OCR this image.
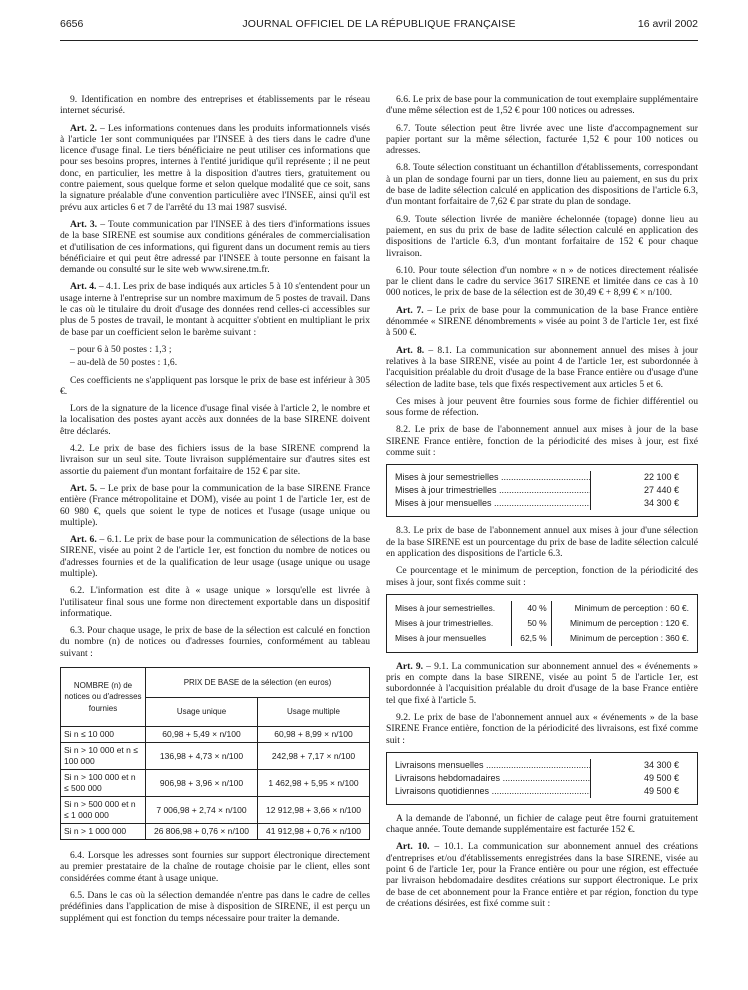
6656	JOURNAL OFFICIEL DE LA RÉPUBLIQUE FRANÇAISE	16 avril 2002

9. Identification en nombre des entreprises et établissements par le réseau internet sécurisé.

Art. 2. – Les informations contenues dans les produits informationnels visés à l'article 1er sont communiquées par l'INSEE à des tiers dans le cadre d'une licence d'usage final. Le tiers bénéficiaire ne peut utiliser ces informations que pour ses besoins propres, internes à l'entité juridique qu'il représente ; il ne peut donc, en particulier, les mettre à la disposition d'autres tiers, gratuitement ou contre paiement, sous quelque forme et selon quelque modalité que ce soit, sans la signature préalable d'une convention particulière avec l'INSEE, ainsi qu'il est prévu aux articles 6 et 7 de l'arrêté du 13 mai 1987 susvisé.

Art. 3. – Toute communication par l'INSEE à des tiers d'informations issues de la base SIRENE est soumise aux conditions générales de commercialisation et d'utilisation de ces informations, qui figurent dans un document remis au tiers bénéficiaire et qui peut être adressé par l'INSEE à toute personne en faisant la demande ou consulté sur le site web www.sirene.tm.fr.

Art. 4. – 4.1. Les prix de base indiqués aux articles 5 à 10 s'entendent pour un usage interne à l'entreprise sur un nombre maximum de 5 postes de travail. Dans le cas où le titulaire du droit d'usage des données rend celles-ci accessibles sur plus de 5 postes de travail, le montant à acquitter s'obtient en multipliant le prix de base par un coefficient selon le barème suivant :

– pour 6 à 50 postes : 1,3 ;

– au-delà de 50 postes : 1,6.

Ces coefficients ne s'appliquent pas lorsque le prix de base est inférieur à 305 €.

Lors de la signature de la licence d'usage final visée à l'article 2, le nombre et la localisation des postes ayant accès aux données de la base SIRENE doivent être déclarés.

4.2. Le prix de base des fichiers issus de la base SIRENE comprend la livraison sur un seul site. Toute livraison supplémentaire sur d'autres sites est assortie du paiement d'un montant forfaitaire de 152 € par site.

Art. 5. – Le prix de base pour la communication de la base SIRENE France entière (France métropolitaine et DOM), visée au point 1 de l'article 1er, est de 60 980 €, quels que soient le type de notices et l'usage (usage unique ou multiple).

Art. 6. – 6.1. Le prix de base pour la communication de sélections de la base SIRENE, visée au point 2 de l'article 1er, est fonction du nombre de notices ou d'adresses fournies et de la qualification de leur usage (usage unique ou usage multiple).

6.2. L'information est dite à « usage unique » lorsqu'elle est livrée à l'utilisateur final sous une forme non directement exportable dans un dispositif informatique.

6.3. Pour chaque usage, le prix de base de la sélection est calculé en fonction du nombre (n) de notices ou d'adresses fournies, conformément au tableau suivant :

NOMBRE (n) de notices ou d'adresses fournies	PRIX DE BASE de la sélection (en euros)	
	Usage unique	Usage multiple
Si n ≤ 10 000	60,98 + 5,49 × n/100	60,98 + 8,99 × n/100
Si n > 10 000 et n ≤ 100 000	136,98 + 4,73 × n/100	242,98 + 7,17 × n/100
Si n > 100 000 et n ≤ 500 000	906,98 + 3,96 × n/100	1 462,98 + 5,95 × n/100
Si n > 500 000 et n ≤ 1 000 000	7 006,98 + 2,74 × n/100	12 912,98 + 3,66 × n/100
Si n > 1 000 000	26 806,98 + 0,76 × n/100	41 912,98 + 0,76 × n/100

6.4. Lorsque les adresses sont fournies sur support électronique directement au premier prestataire de la chaîne de routage choisie par le client, elles sont considérées comme étant à usage unique.

6.5. Dans le cas où la sélection demandée n'entre pas dans le cadre de celles prédéfinies dans l'application de mise à disposition de SIRENE, il est perçu un supplément qui est fonction du temps nécessaire pour traiter la demande.

6.6. Le prix de base pour la communication de tout exemplaire supplémentaire d'une même sélection est de 1,52 € pour 100 notices ou adresses.

6.7. Toute sélection peut être livrée avec une liste d'accompagnement sur papier portant sur la même sélection, facturée 1,52 € pour 100 notices ou adresses.

6.8. Toute sélection constituant un échantillon d'établissements, correspondant à un plan de sondage fourni par un tiers, donne lieu au paiement, en sus du prix de base de ladite sélection calculé en application des dispositions de l'article 6.3, d'un montant forfaitaire de 7,62 € par strate du plan de sondage.

6.9. Toute sélection livrée de manière échelonnée (topage) donne lieu au paiement, en sus du prix de base de ladite sélection calculé en application des dispositions de l'article 6.3, d'un montant forfaitaire de 152 € pour chaque livraison.

6.10. Pour toute sélection d'un nombre « n » de notices directement réalisée par le client dans le cadre du service 3617 SIRENE et limitée dans ce cas à 10 000 notices, le prix de base de la sélection est de 30,49 € + 8,99 € × n/100.

Art. 7. – Le prix de base pour la communication de la base France entière dénommée « SIRENE dénombrements » visée au point 3 de l'article 1er, est fixé à 500 €.

Art. 8. – 8.1. La communication sur abonnement annuel des mises à jour relatives à la base SIRENE, visée au point 4 de l'article 1er, est subordonnée à l'acquisition préalable du droit d'usage de la base France entière ou d'usage d'une sélection de ladite base, tels que fixés respectivement aux articles 5 et 6.

Ces mises à jour peuvent être fournies sous forme de fichier différentiel ou sous forme de réfection.

8.2. Le prix de base de l'abonnement annuel aux mises à jour de la base SIRENE France entière, fonction de la périodicité des mises à jour, est fixé comme suit :

Mises à jour semestrielles .....	22 100 €
Mises à jour trimestrielles .....	27 440 €
Mises à jour mensuelles .....	34 300 €

8.3. Le prix de base de l'abonnement annuel aux mises à jour d'une sélection de la base SIRENE est un pourcentage du prix de base de ladite sélection calculé en application des dispositions de l'article 6.3.

Ce pourcentage et le minimum de perception, fonction de la périodicité des mises à jour, sont fixés comme suit :

Mises à jour semestrielles.	40 %	Minimum de perception : 60 €.
Mises à jour trimestrielles.	50 %	Minimum de perception : 120 €.
Mises à jour mensuelles	62,5 %	Minimum de perception : 360 €.

Art. 9. – 9.1. La communication sur abonnement annuel des « événements » pris en compte dans la base SIRENE, visée au point 5 de l'article 1er, est subordonnée à l'acquisition préalable du droit d'usage de la base France entière tel que fixé à l'article 5.

9.2. Le prix de base de l'abonnement annuel aux « événements » de la base SIRENE France entière, fonction de la périodicité des livraisons, est fixé comme suit :

Livraisons mensuelles .....	34 300 €
Livraisons hebdomadaires .....	49 500 €
Livraisons quotidiennes .....	49 500 €

A la demande de l'abonné, un fichier de calage peut être fourni gratuitement chaque année. Toute demande supplémentaire est facturée 152 €.

Art. 10. – 10.1. La communication sur abonnement annuel des créations d'entreprises et/ou d'établissements enregistrées dans la base SIRENE, visée au point 6 de l'article 1er, pour la France entière ou pour une région, est effectuée par livraison hebdomadaire desdites créations sur support électronique. Le prix de base de cet abonnement pour la France entière et par région, fonction du type de créations désirées, est fixé comme suit :
